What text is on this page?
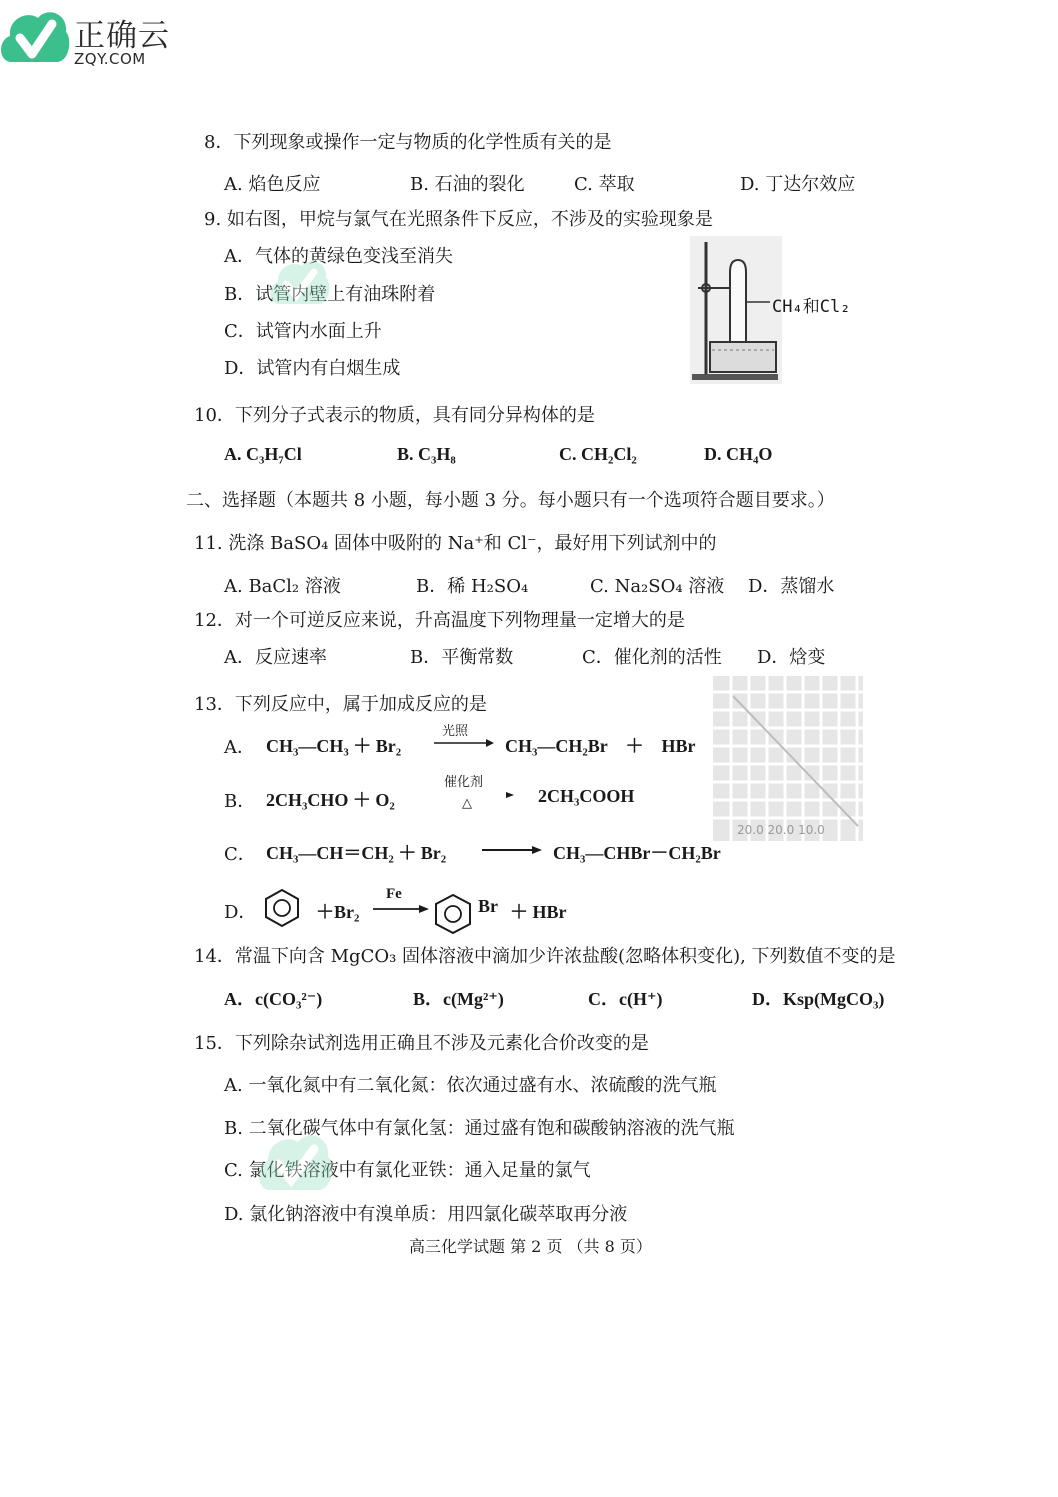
正确云
ZQY.COM
8．下列现象或操作一定与物质的化学性质有关的是
A. 焰色反应	B. 石油的裂化	C. 萃取	D. 丁达尔效应
9. 如右图，甲烷与氯气在光照条件下反应，不涉及的实验现象是
A．气体的黄绿色变浅至消失
B．试管内壁上有油珠附着
C．试管内水面上升
D．试管内有白烟生成
CH₄和Cl₂
10．下列分子式表示的物质，具有同分异构体的是
A. C₃H₇Cl	B. C₃H₈	C. CH₂Cl₂	D. CH₄O
二、选择题（本题共 8 小题，每小题 3 分。每小题只有一个选项符合题目要求。）
11. 洗涤 BaSO₄ 固体中吸附的 Na⁺和 Cl⁻，最好用下列试剂中的
A. BaCl₂ 溶液	B．稀 H₂SO₄	C. Na₂SO₄ 溶液 D．蒸馏水
12．对一个可逆反应来说，升高温度下列物理量一定增大的是
A．反应速率	B．平衡常数	C．催化剂的活性 D．焓变
20.0 20.0 10.0
13．下列反应中，属于加成反应的是
A． CH₃—CH₃ ＋ Br₂
光照
CH₃—CH₂Br　＋　HBr
B． 2CH₃CHO ＋ O₂
催化剂
△	2CH₃COOH
C． CH₃—CH＝CH₂ ＋ Br₂	CH₃—CHBr－CH₂Br
D．	＋Br₂
Fe
Br ＋ HBr
14．常温下向含 MgCO₃ 固体溶液中滴加少许浓盐酸(忽略体积变化), 下列数值不变的是
A．c(CO₃²⁻)	B．c(Mg²⁺)	C．c(H⁺)	D．Ksp(MgCO₃)
15．下列除杂试剂选用正确且不涉及元素化合价改变的是
A. 一氧化氮中有二氧化氮：依次通过盛有水、浓硫酸的洗气瓶
B. 二氧化碳气体中有氯化氢：通过盛有饱和碳酸钠溶液的洗气瓶
C. 氯化铁溶液中有氯化亚铁：通入足量的氯气
D. 氯化钠溶液中有溴单质：用四氯化碳萃取再分液
高三化学试题 第 2 页 （共 8 页）
